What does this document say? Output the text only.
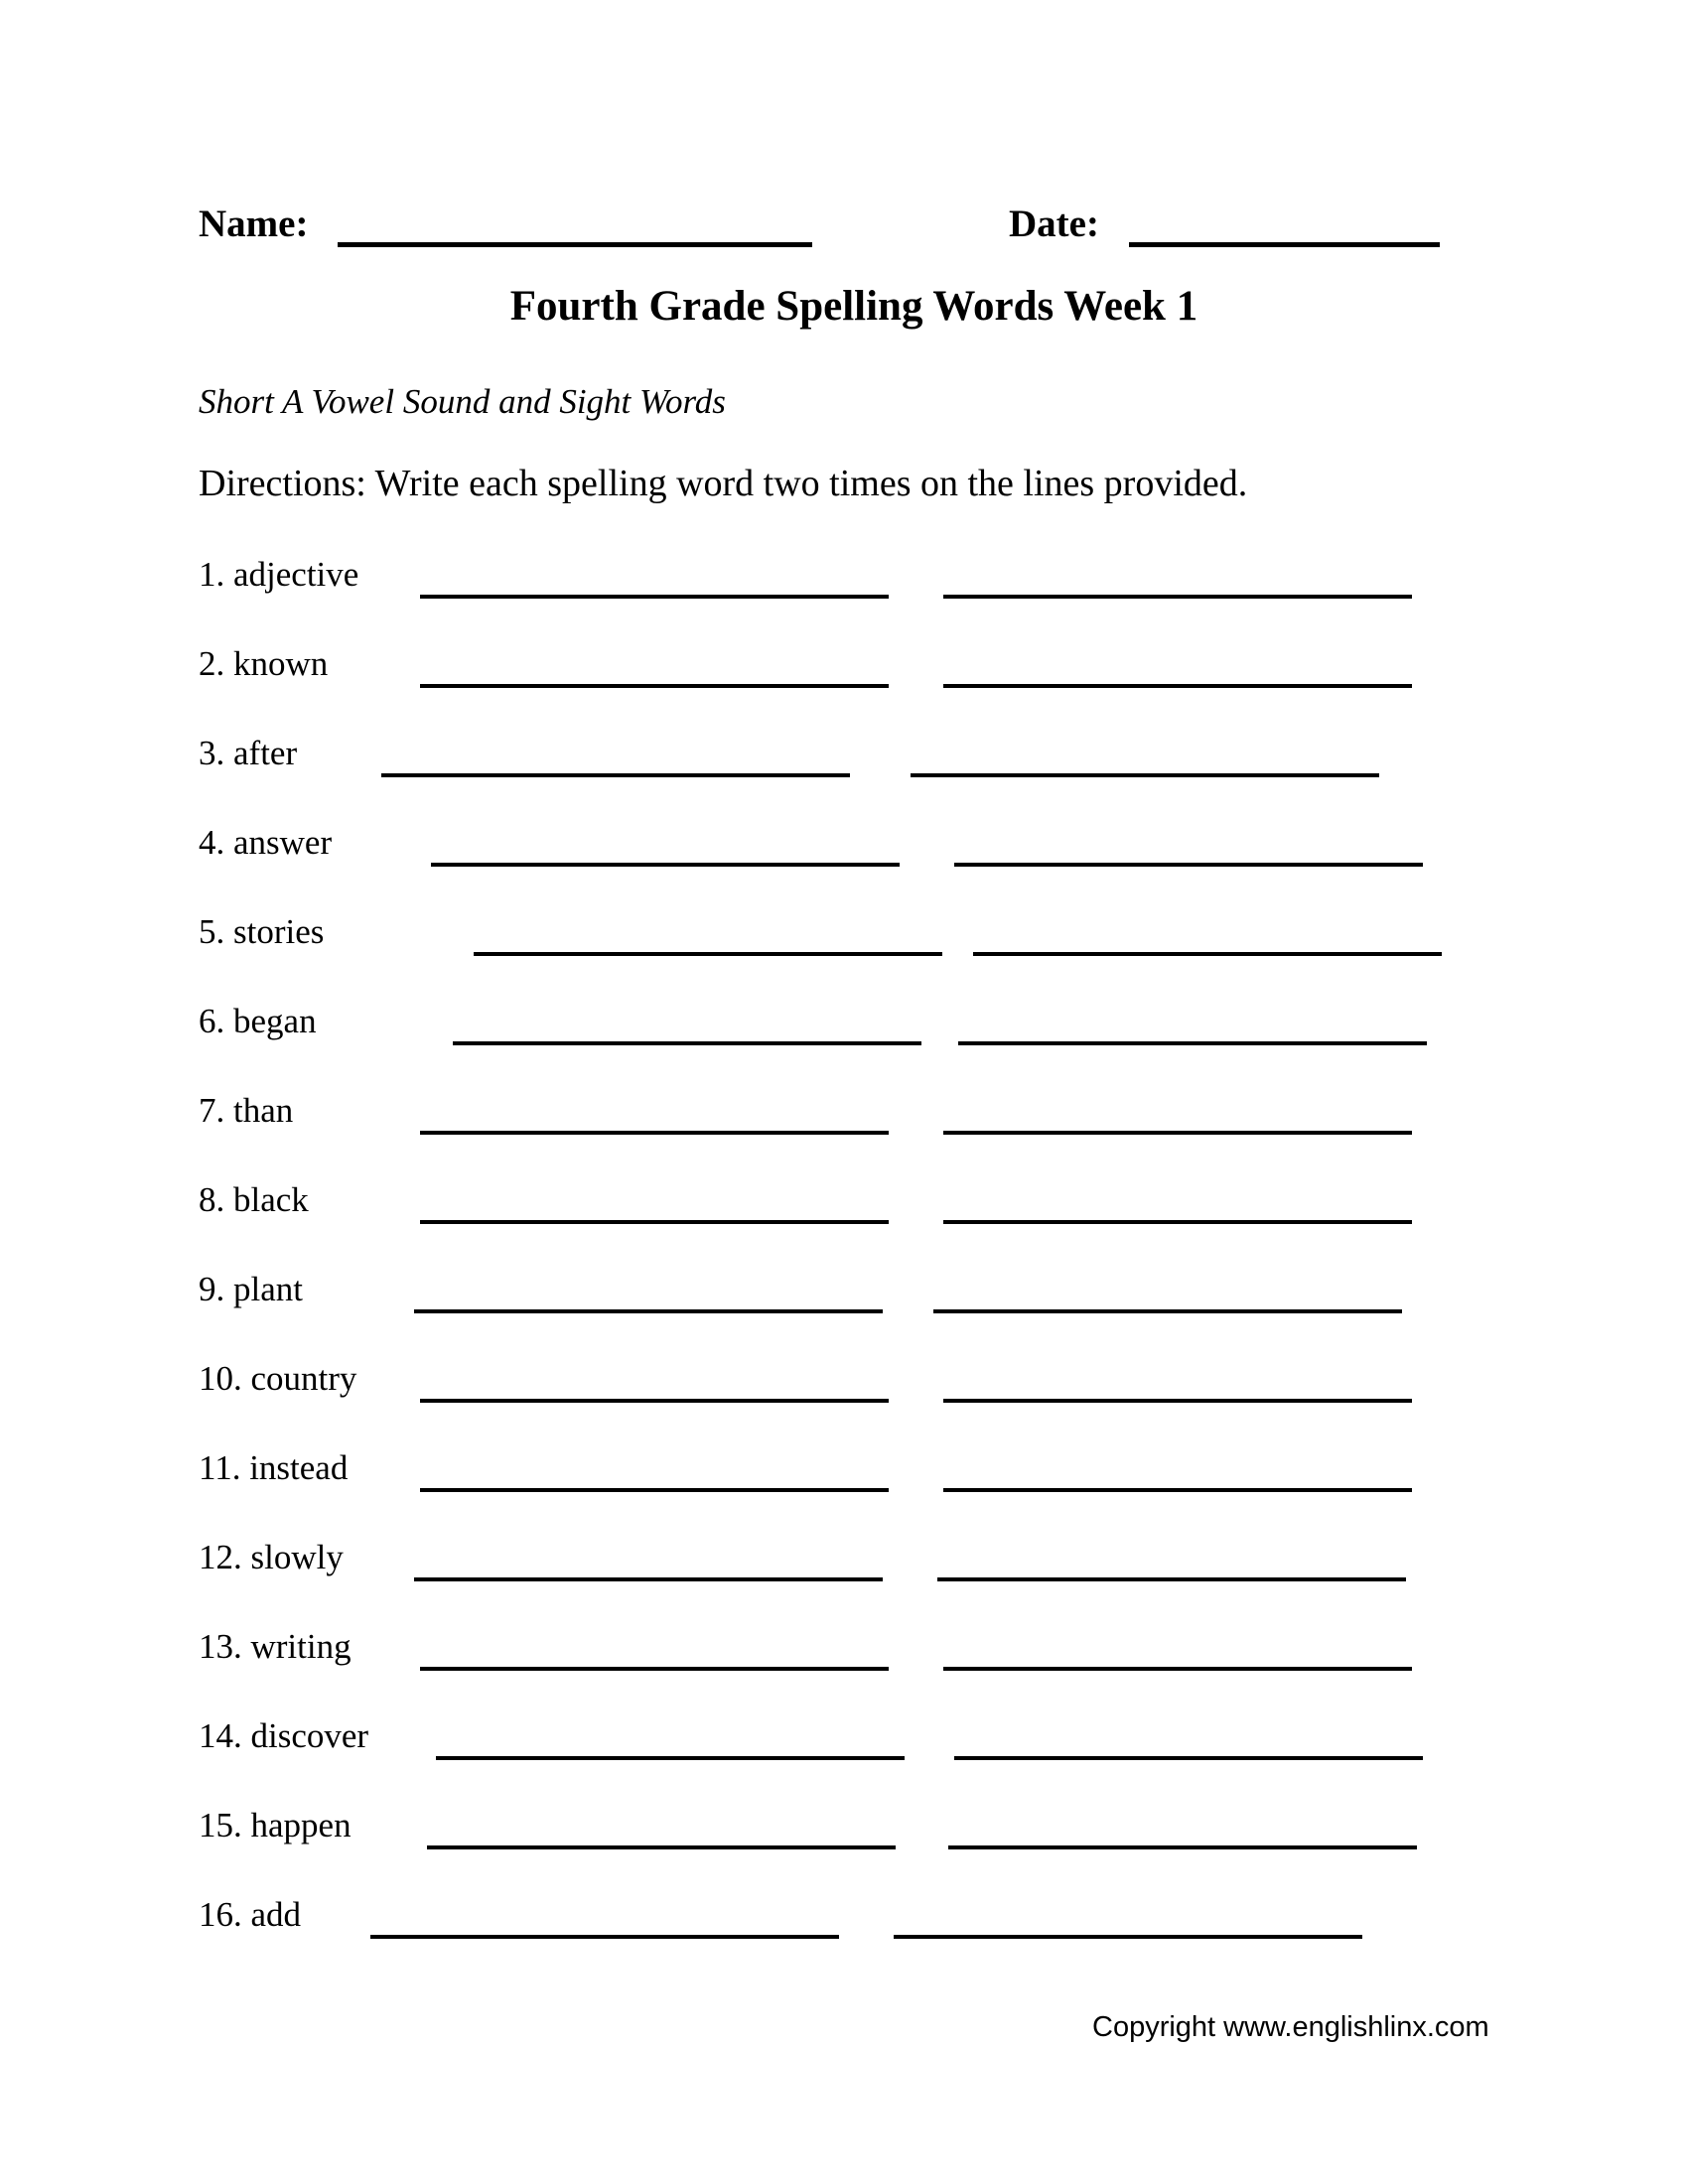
Name:	Date:
Fourth Grade Spelling Words Week 1
Short A Vowel Sound and Sight Words
Directions: Write each spelling word two times on the lines provided.
1. adjective
2. known
3. after
4. answer
5. stories
6. began
7. than
8. black
9. plant
10. country
11. instead
12. slowly
13. writing
14. discover
15. happen
16. add
Copyright www.englishlinx.com
